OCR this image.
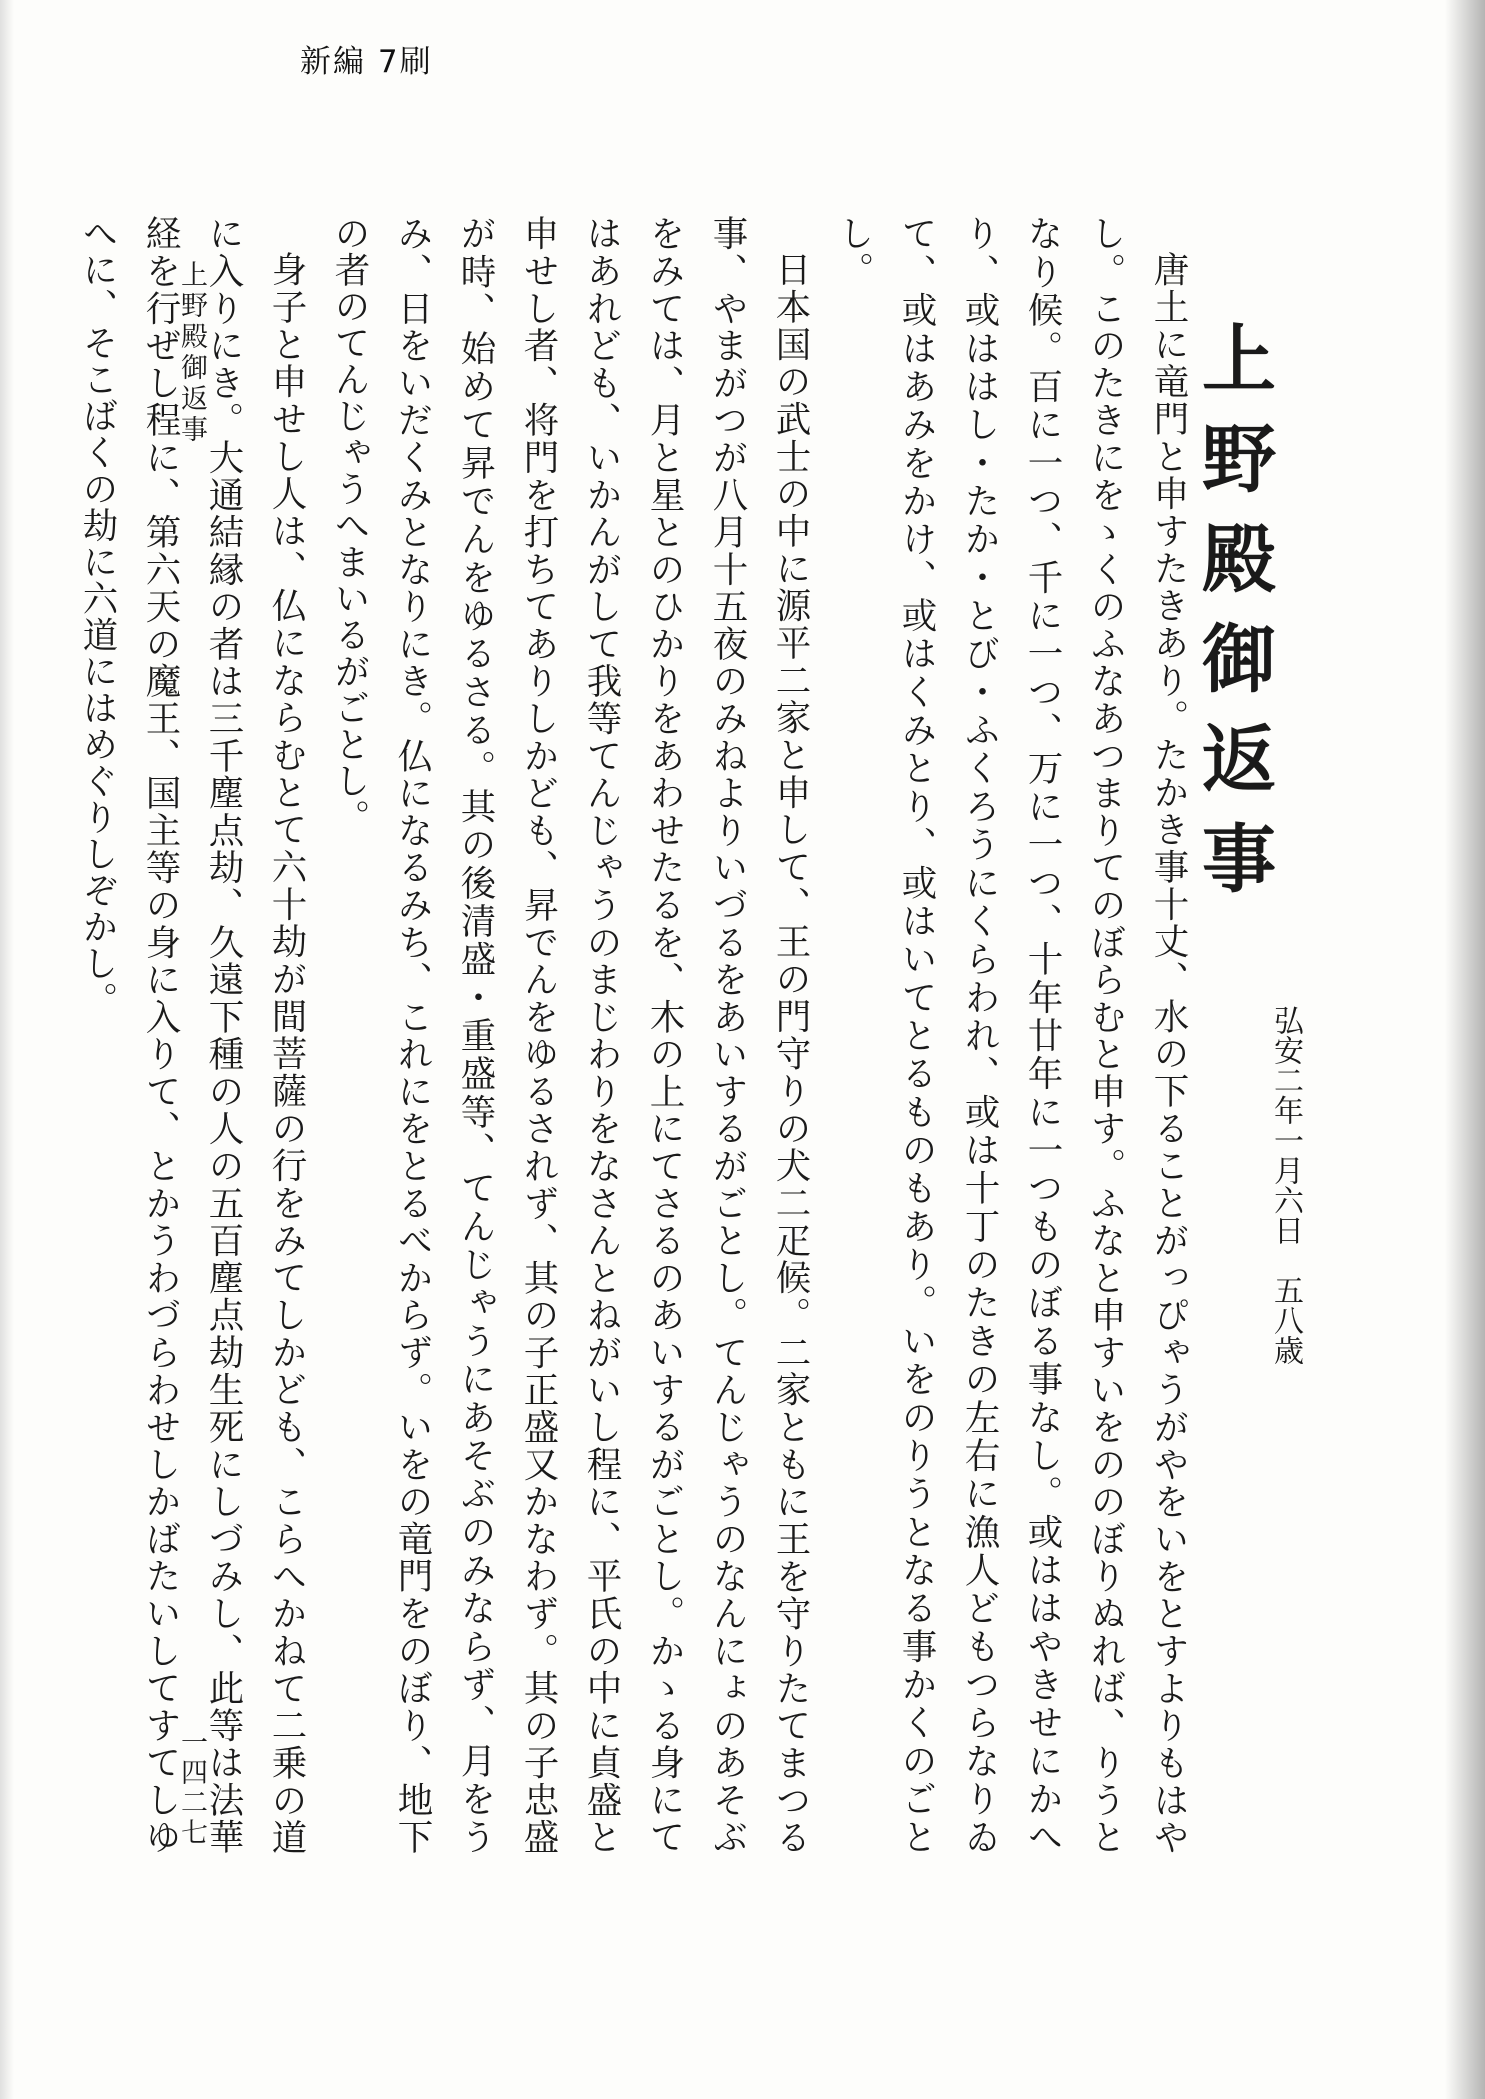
新編 7刷
上野殿御返事
弘安二年一月六日　五八歳

唐土に竜門と申すたきあり。たかき事十丈、水の下ることがっぴゃうがやをいをとすよりもはやし。このたきにをゝくのふなあつまりてのぼらむと申す。ふなと申すいをののぼりぬれば、りうとなり候。百に一つ、千に一つ、万に一つ、十年廿年に一つものぼる事なし。或ははやきせにかへり、或ははし・たか・とび・ふくろうにくらわれ、或は十丁のたきの左右に漁人どもつらなりゐて、或はあみをかけ、或はくみとり、或はいてとるものもあり。いをのりうとなる事かくのごとし。

日本国の武士の中に源平二家と申して、王の門守りの犬二疋候。二家ともに王を守りたてまつる事、やまがつが八月十五夜のみねよりいづるをあいするがごとし。てんじゃうのなんにょのあそぶをみては、月と星とのひかりをあわせたるを、木の上にてさるのあいするがごとし。かゝる身にてはあれども、いかんがして我等てんじゃうのまじわりをなさんとねがいし程に、平氏の中に貞盛と申せし者、将門を打ちてありしかども、昇でんをゆるされず、其の子正盛又かなわず。其の子忠盛が時、始めて昇でんをゆるさる。其の後清盛・重盛等、てんじゃうにあそぶのみならず、月をうみ、日をいだくみとなりにき。仏になるみち、これにをとるべからず。いをの竜門をのぼり、地下の者のてんじゃうへまいるがごとし。

身子と申せし人は、仏にならむとて六十劫が間菩薩の行をみてしかども、こらへかねて二乗の道に入りにき。大通結縁の者は三千塵点劫、久遠下種の人の五百塵点劫生死にしづみし、此等は法華経を行ぜし程に、第六天の魔王、国主等の身に入りて、とかうわづらわせしかばたいしてすてしゆへに、そこばくの劫に六道にはめぐりしぞかし。	上野殿御返事
一四二七
